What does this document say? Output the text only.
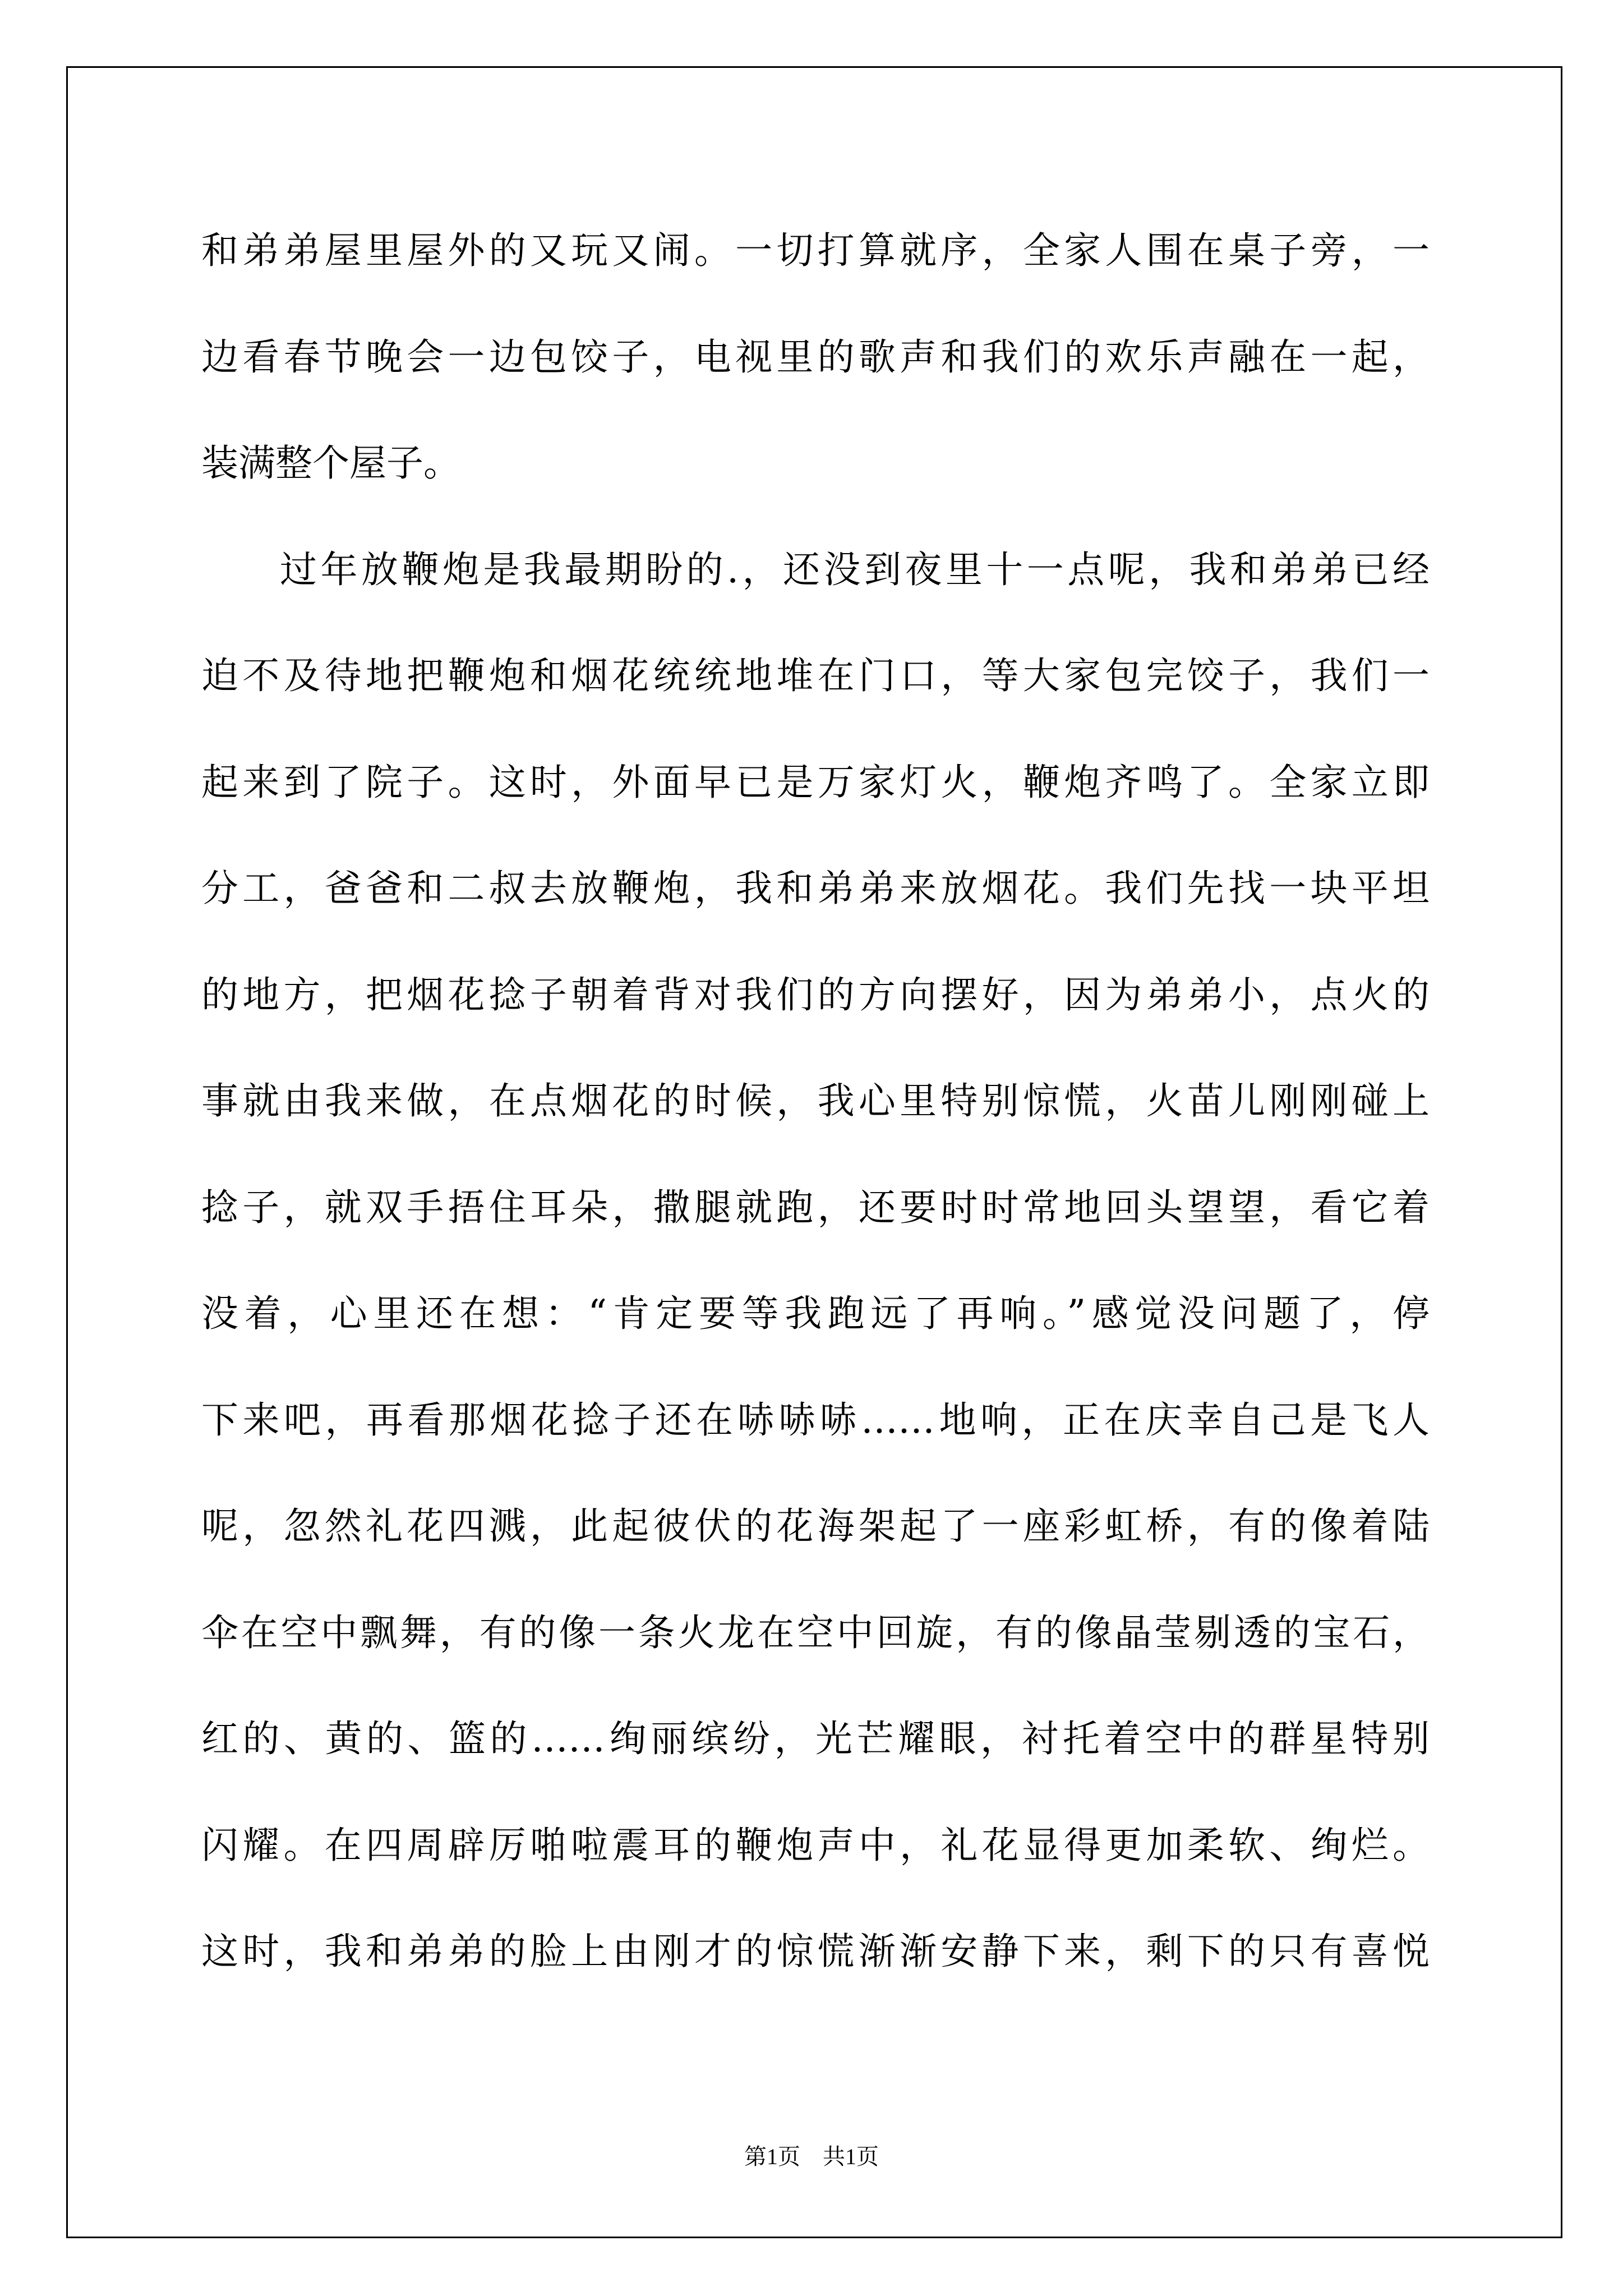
和弟弟屋里屋外的又玩又闹。一切打算就序，全家人围在桌子旁，一
边看春节晚会一边包饺子，电视里的歌声和我们的欢乐声融在一起，
装满整个屋子。
过年放鞭炮是我最期盼的.，还没到夜里十一点呢，我和弟弟已经
迫不及待地把鞭炮和烟花统统地堆在门口，等大家包完饺子，我们一
起来到了院子。这时，外面早已是万家灯火，鞭炮齐鸣了。全家立即
分工，爸爸和二叔去放鞭炮，我和弟弟来放烟花。我们先找一块平坦
的地方，把烟花捻子朝着背对我们的方向摆好，因为弟弟小，点火的
事就由我来做，在点烟花的时候，我心里特别惊慌，火苗儿刚刚碰上
捻子，就双手捂住耳朵，撒腿就跑，还要时时常地回头望望，看它着
没着，心里还在想：“肯定要等我跑远了再响。”感觉没问题了，停
下来吧，再看那烟花捻子还在哧哧哧……地响，正在庆幸自己是飞人
呢，忽然礼花四溅，此起彼伏的花海架起了一座彩虹桥，有的像着陆
伞在空中飘舞，有的像一条火龙在空中回旋，有的像晶莹剔透的宝石，
红的、黄的、篮的……绚丽缤纷，光芒耀眼，衬托着空中的群星特别
闪耀。在四周辟厉啪啦震耳的鞭炮声中，礼花显得更加柔软、绚烂。
这时，我和弟弟的脸上由刚才的惊慌渐渐安静下来，剩下的只有喜悦
第1页　共1页
